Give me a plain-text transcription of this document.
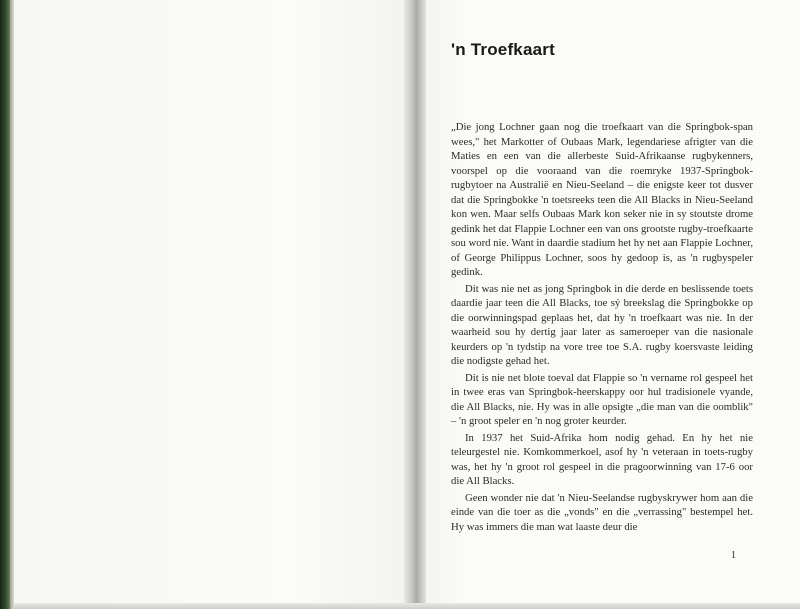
'n Troefkaart

„Die jong Lochner gaan nog die troefkaart van die Springbok-span wees," het Markotter of Oubaas Mark, legendariese afrigter van die Maties en een van die allerbeste Suid-Afrikaanse rugbykenners, voorspel op die vooraand van die roemryke 1937-Springbok-rugbytoer na Australië en Nieu-Seeland – die enigste keer tot dusver dat die Springbokke 'n toetsreeks teen die All Blacks in Nieu-Seeland kon wen. Maar selfs Oubaas Mark kon seker nie in sy stoutste drome gedink het dat Flappie Lochner een van ons grootste rugby-troefkaarte sou word nie. Want in daardie stadium het hy net aan Flappie Lochner, of George Philippus Lochner, soos hy gedoop is, as 'n rugbyspeler gedink.

Dit was nie net as jong Springbok in die derde en beslissende toets daardie jaar teen die All Blacks, toe sý breekslag die Springbokke op die oorwinningspad geplaas het, dat hy 'n troefkaart was nie. In der waarheid sou hy dertig jaar later as sameroeper van die nasionale keurders op 'n tydstip na vore tree toe S.A. rugby koersvaste leiding die nodigste gehad het.

Dit is nie net blote toeval dat Flappie so 'n vername rol gespeel het in twee eras van Springbok-heerskappy oor hul tradisionele vyande, die All Blacks, nie. Hy was in alle opsigte „die man van die oomblik" – 'n groot speler en 'n nog groter keurder.

In 1937 het Suid-Afrika hom nodig gehad. En hy het nie teleurgestel nie. Komkommerkoel, asof hy 'n veteraan in toets-rugby was, het hy 'n groot rol gespeel in die pragoorwinning van 17-6 oor die All Blacks.

Geen wonder nie dat 'n Nieu-Seelandse rugbyskrywer hom aan die einde van die toer as die „vonds" en die „verrassing" bestempel het. Hy was immers die man wat laaste deur die

1
